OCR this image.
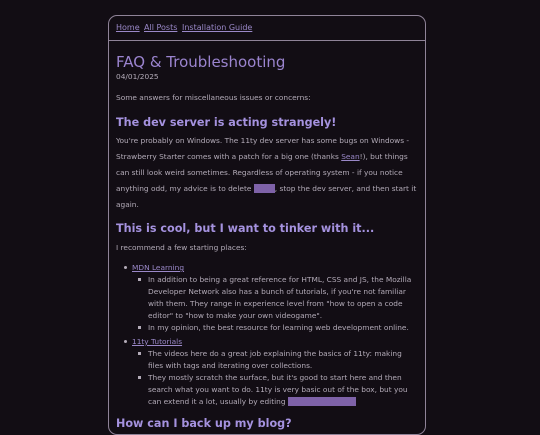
Home All Posts Installation Guide
FAQ & Troubleshooting
04/01/2025
Some answers for miscellaneous issues or concerns:
The dev server is acting strangely!

You're probably on Windows. The 11ty dev server has some bugs on Windows - Strawberry Starter comes with a patch for a big one (thanks Sean!), but things can still look weird sometimes. Regardless of operating system - if you notice anything odd, my advice is to delete _site , stop the dev server, and then start it again.

This is cool, but I want to tinker with it...

I recommend a few starting places:

MDN Learning
In addition to being a great reference for HTML, CSS and JS, the Mozilla Developer Network also has a bunch of tutorials, if you're not familiar with them. They range in experience level from "how to open a code editor" to "how to make your own videogame".
In my opinion, the best resource for learning web development online.
11ty Tutorials
The videos here do a great job explaining the basics of 11ty: making files with tags and iterating over collections.
They mostly scratch the surface, but it's good to start here and then search what you want to do. 11ty is very basic out of the box, but you can extend it a lot, usually by editing eleventy.config.js
How can I back up my blog?
